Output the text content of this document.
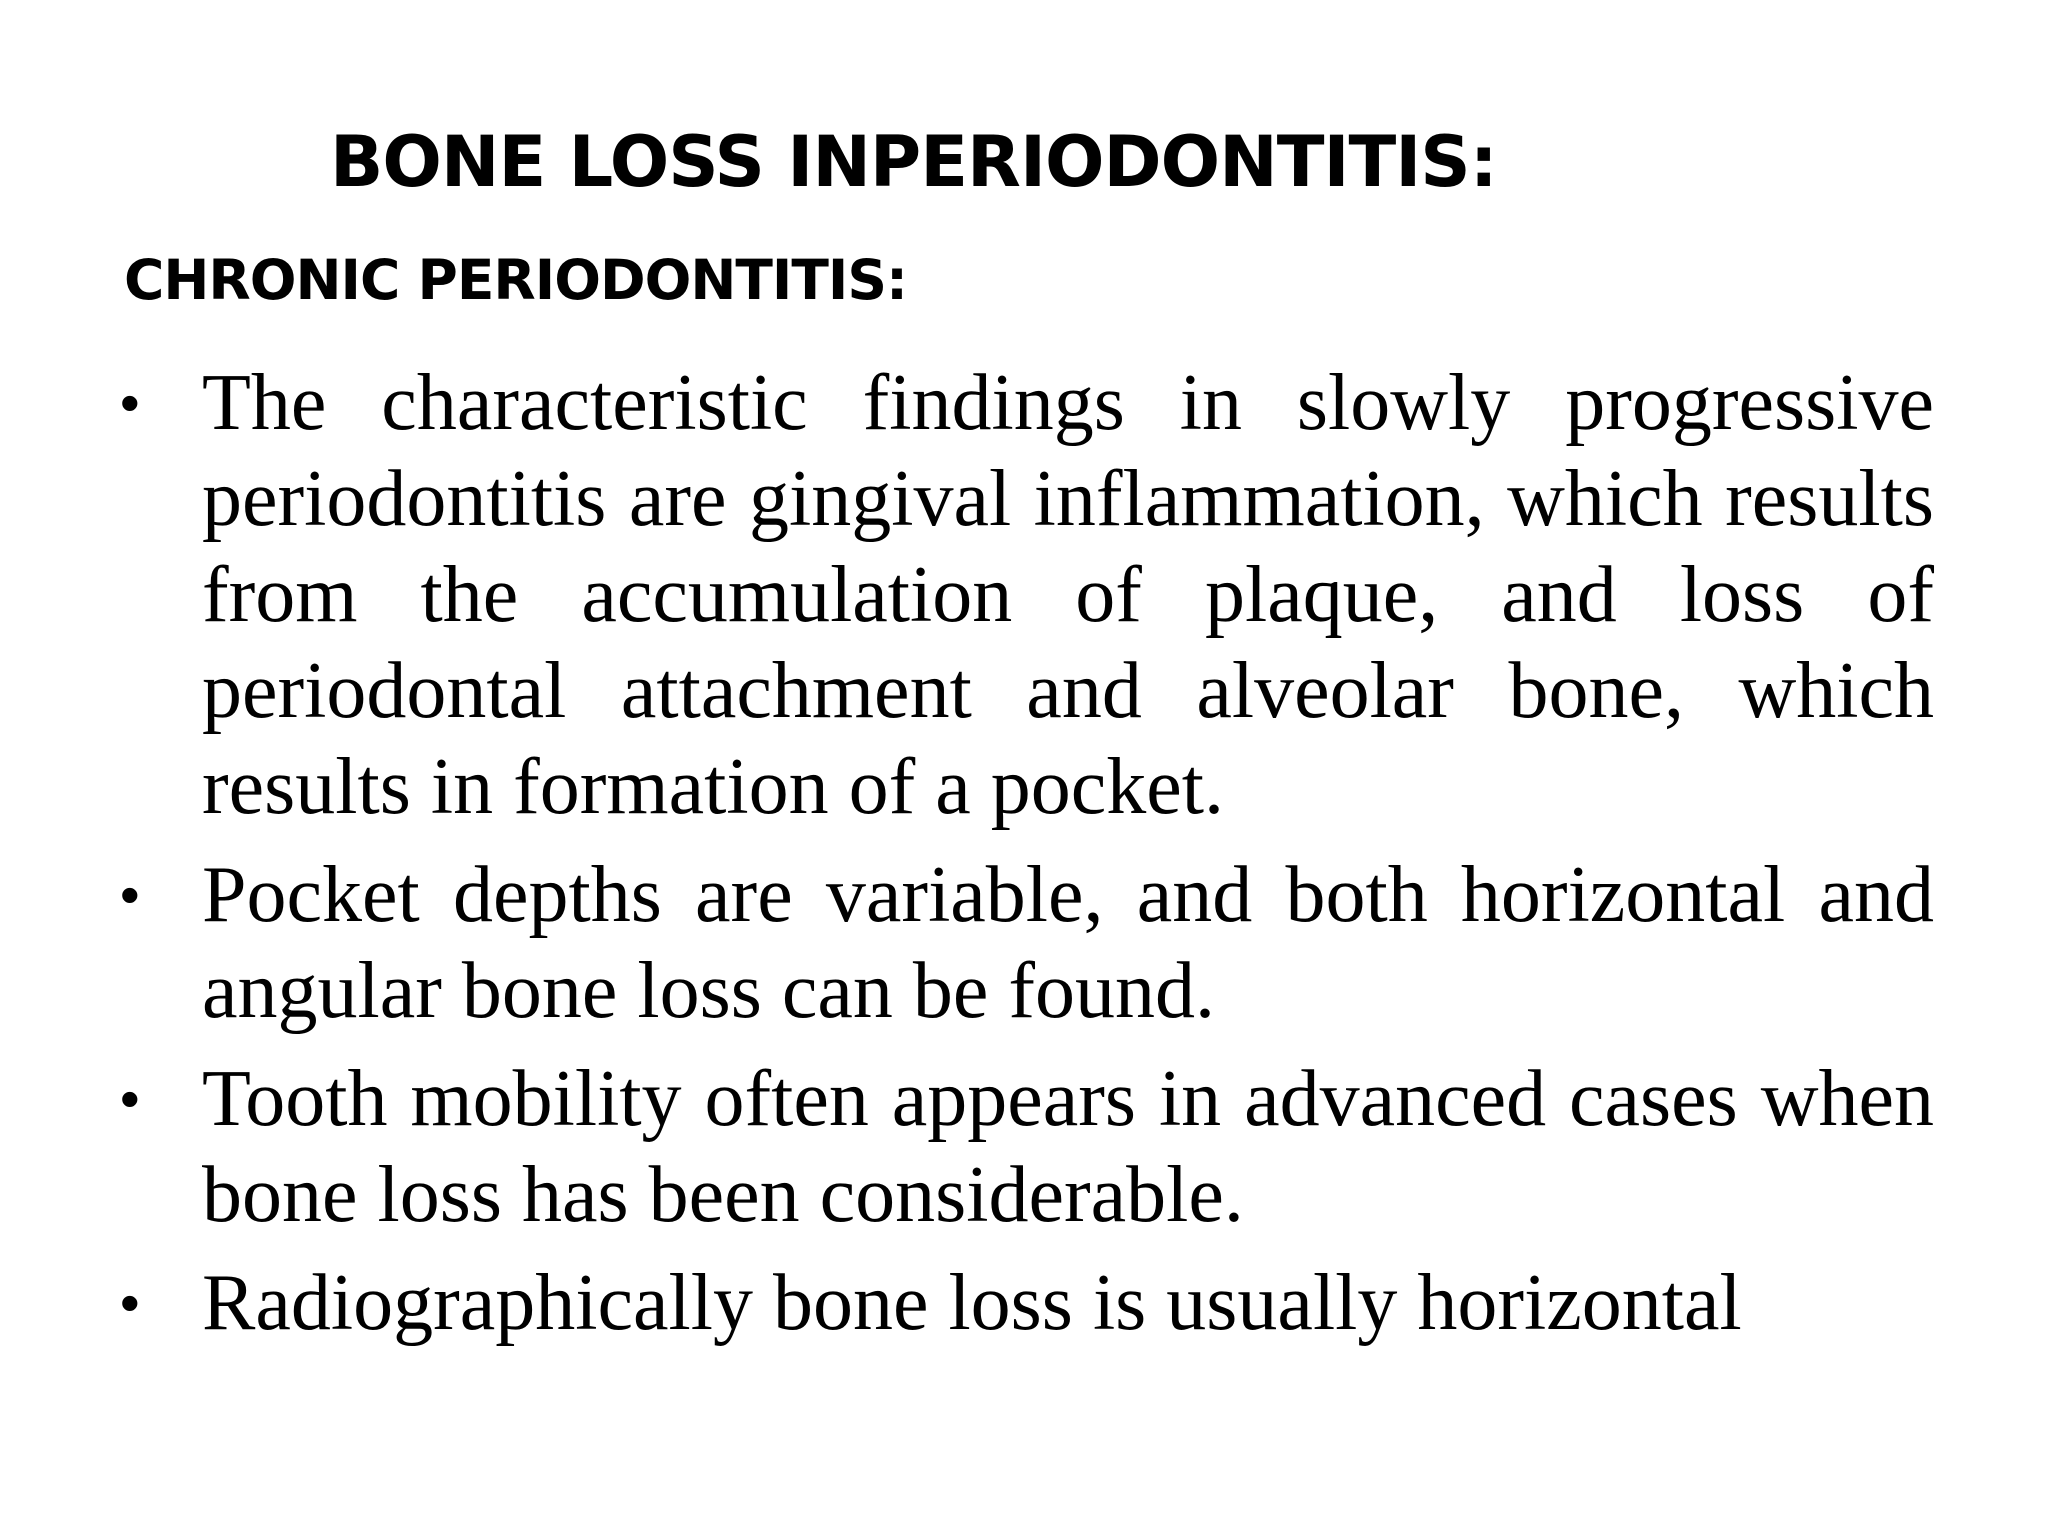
BONE LOSS INPERIODONTITIS:
CHRONIC PERIODONTITIS:
• The characteristic findings in slowly progressive periodontitis are gingival inflammation, which results from the accumulation of plaque, and loss of periodontal attachment and alveolar bone, which results in formation of a pocket.
• Pocket depths are variable, and both horizontal and angular bone loss can be found.
• Tooth mobility often appears in advanced cases when bone loss has been considerable.
• Radiographically bone loss is usually horizontal
